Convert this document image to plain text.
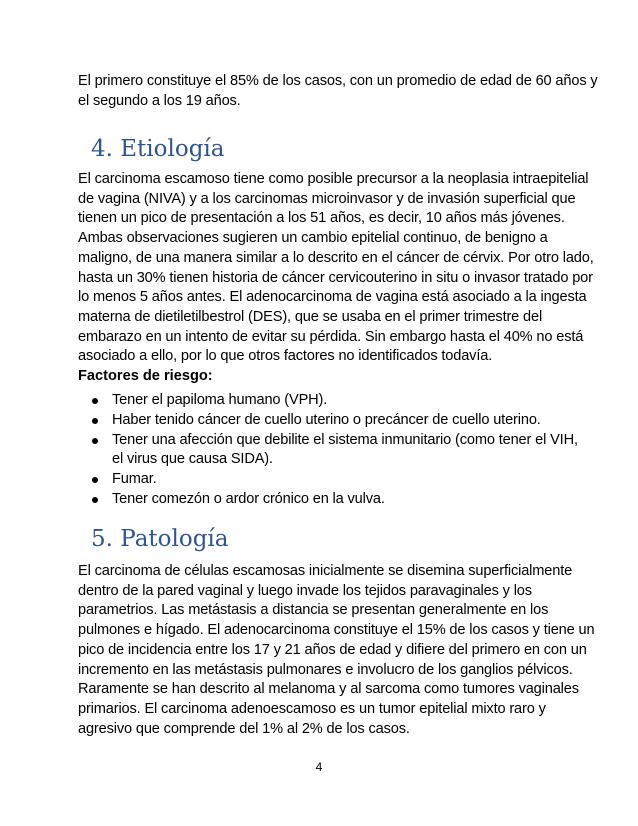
El primero constituye el 85% de los casos, con un promedio de edad de 60 años y
el segundo a los 19 años.

4. Etiología

El carcinoma escamoso tiene como posible precursor a la neoplasia intraepitelial
de vagina (NIVA) y a los carcinomas microinvasor y de invasión superficial que
tienen un pico de presentación a los 51 años, es decir, 10 años más jóvenes.
Ambas observaciones sugieren un cambio epitelial continuo, de benigno a
maligno, de una manera similar a lo descrito en el cáncer de cérvix. Por otro lado,
hasta un 30% tienen historia de cáncer cervicouterino in situ o invasor tratado por
lo menos 5 años antes. El adenocarcinoma de vagina está asociado a la ingesta
materna de dietiletilbestrol (DES), que se usaba en el primer trimestre del
embarazo en un intento de evitar su pérdida. Sin embargo hasta el 40% no está
asociado a ello, por lo que otros factores no identificados todavía.

Factores de riesgo:
Tener el papiloma humano (VPH).
Haber tenido cáncer de cuello uterino o precáncer de cuello uterino.
Tener una afección que debilite el sistema inmunitario (como tener el VIH,
el virus que causa SIDA).
Fumar.
Tener comezón o ardor crónico en la vulva.
5. Patología

El carcinoma de células escamosas inicialmente se disemina superficialmente
dentro de la pared vaginal y luego invade los tejidos paravaginales y los
parametrios. Las metástasis a distancia se presentan generalmente en los
pulmones e hígado. El adenocarcinoma constituye el 15% de los casos y tiene un
pico de incidencia entre los 17 y 21 años de edad y difiere del primero en con un
incremento en las metástasis pulmonares e involucro de los ganglios pélvicos.
Raramente se han descrito al melanoma y al sarcoma como tumores vaginales
primarios. El carcinoma adenoescamoso es un tumor epitelial mixto raro y
agresivo que comprende del 1% al 2% de los casos.

4
